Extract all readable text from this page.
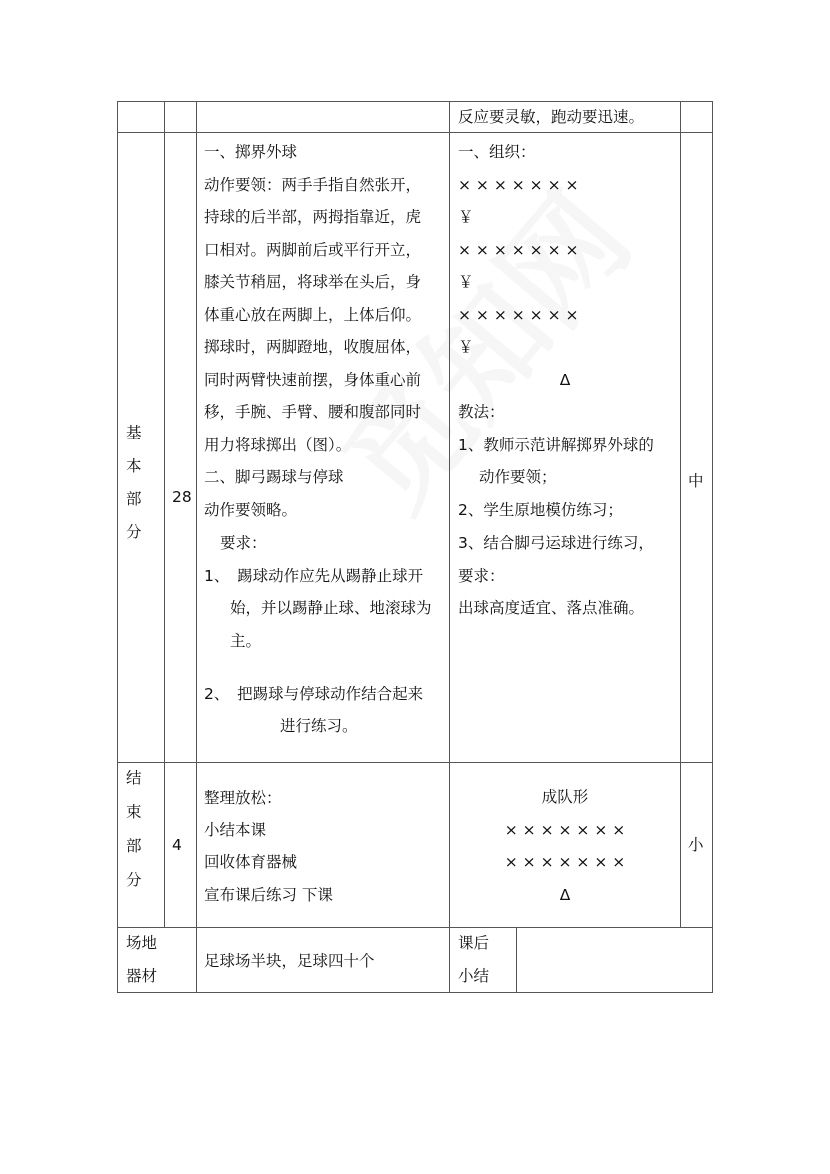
反应要灵敏，跑动要迅速。
基
本
部
分
28
中
一、掷界外球
动作要领：两手手指自然张开，
持球的后半部，两拇指靠近，虎
口相对。两脚前后或平行开立，
膝关节稍屈，将球举在头后，身
体重心放在两脚上，上体后仰。
掷球时，两脚蹬地，收腹屈体，
同时两臂快速前摆，身体重心前
移，手腕、手臂、腰和腹部同时
用力将球掷出（图）。
二、脚弓踢球与停球
动作要领略。
要求：
1、　踢球动作应先从踢静止球开
始，并以踢静止球、地滚球为
主。
2、　把踢球与停球动作结合起来
进行练习。
一、组织：
× × × × × × ×
￥
× × × × × × ×
￥
× × × × × × ×
￥
Δ
教法：
1、教师示范讲解掷界外球的
动作要领；
2、学生原地模仿练习；
3、结合脚弓运球进行练习，
要求：
出球高度适宜、落点准确。
结
束
部
分
4	小
整理放松：
小结本课
回收体育器械
宣布课后练习 下课
成队形
× × × × × × ×
× × × × × × ×
Δ
场地
器材
足球场半块，足球四十个
课后
小结
